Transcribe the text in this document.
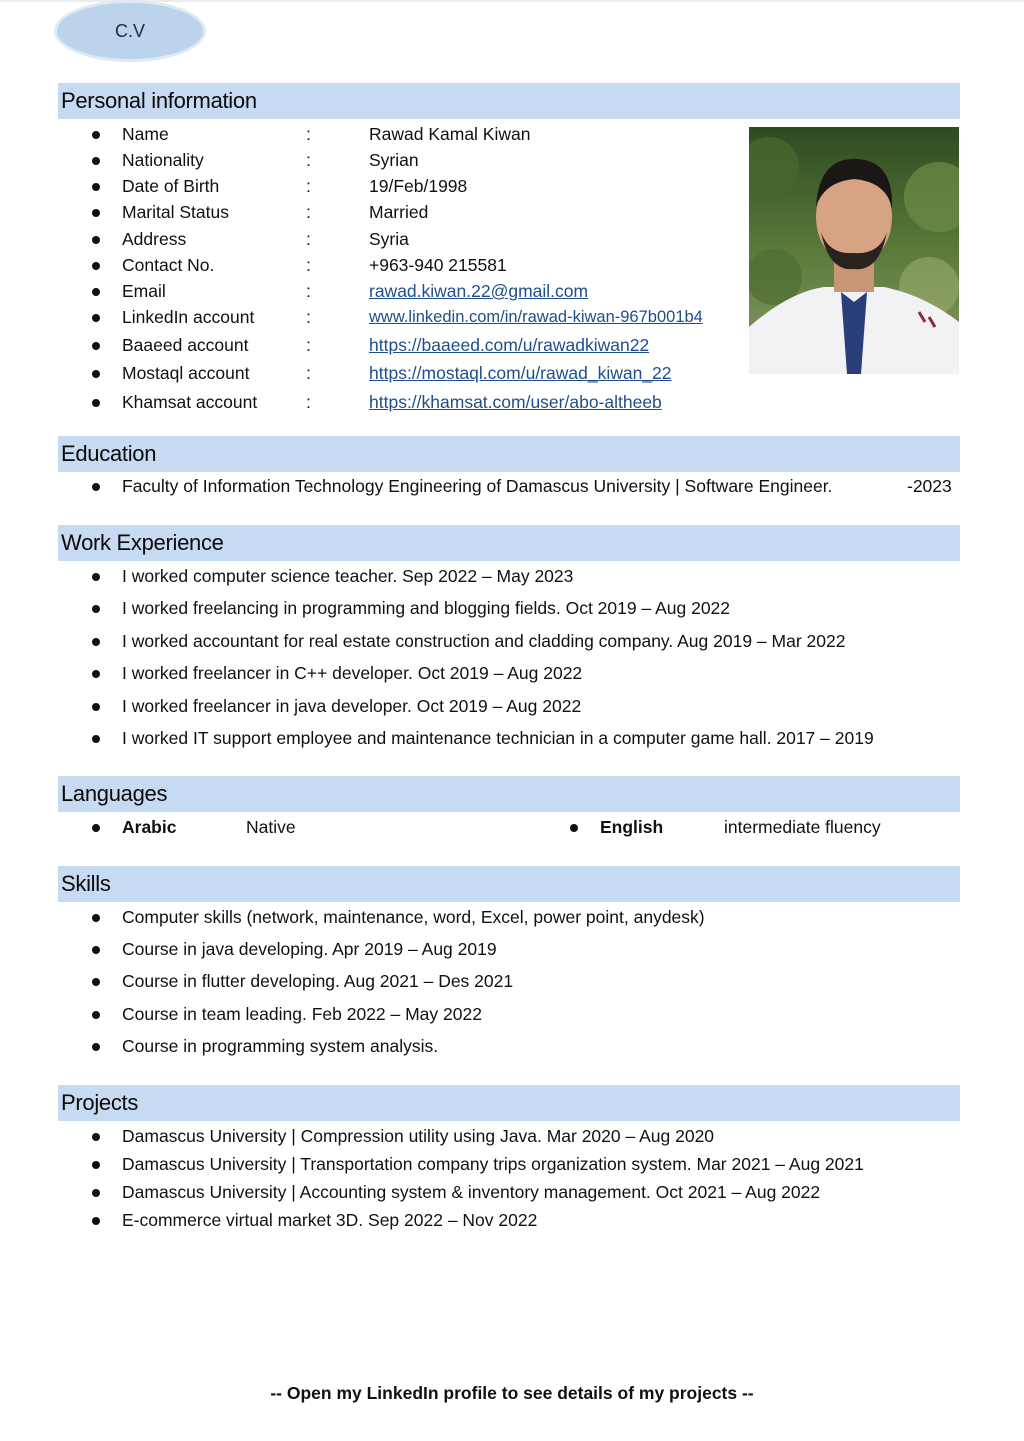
C.V
Personal information
Name	:	Rawad Kamal Kiwan
Nationality	:	Syrian
Date of Birth	:	19/Feb/1998
Marital Status	:	Married
Address	:	Syria
Contact No.	:	+963-940 215581
Email	:	rawad.kiwan.22@gmail.com
LinkedIn account	:	www.linkedin.com/in/rawad-kiwan-967b001b4
Baaeed account	:	https://baaeed.com/u/rawadkiwan22
Mostaql account	:	https://mostaql.com/u/rawad_kiwan_22
Khamsat account	:	https://khamsat.com/user/abo-altheeb
Education
Faculty of Information Technology Engineering of Damascus University | Software Engineer.	-2023
Work Experience
I worked computer science teacher. Sep 2022 – May 2023
I worked freelancing in programming and blogging fields. Oct 2019 – Aug 2022
I worked accountant for real estate construction and cladding company. Aug 2019 – Mar 2022
I worked freelancer in C++ developer. Oct 2019 – Aug 2022
I worked freelancer in java developer. Oct 2019 – Aug 2022
I worked IT support employee and maintenance technician in a computer game hall. 2017 – 2019
Languages
Arabic	Native	English	intermediate fluency
Skills
Computer skills (network, maintenance, word, Excel, power point, anydesk)
Course in java developing. Apr 2019 – Aug 2019
Course in flutter developing. Aug 2021 – Des 2021
Course in team leading. Feb 2022 – May 2022
Course in programming system analysis.
Projects
Damascus University | Compression utility using Java. Mar 2020 – Aug 2020
Damascus University | Transportation company trips organization system. Mar 2021 – Aug 2021
Damascus University | Accounting system & inventory management. Oct 2021 – Aug 2022
E-commerce virtual market 3D. Sep 2022 – Nov 2022
-- Open my LinkedIn profile to see details of my projects --
